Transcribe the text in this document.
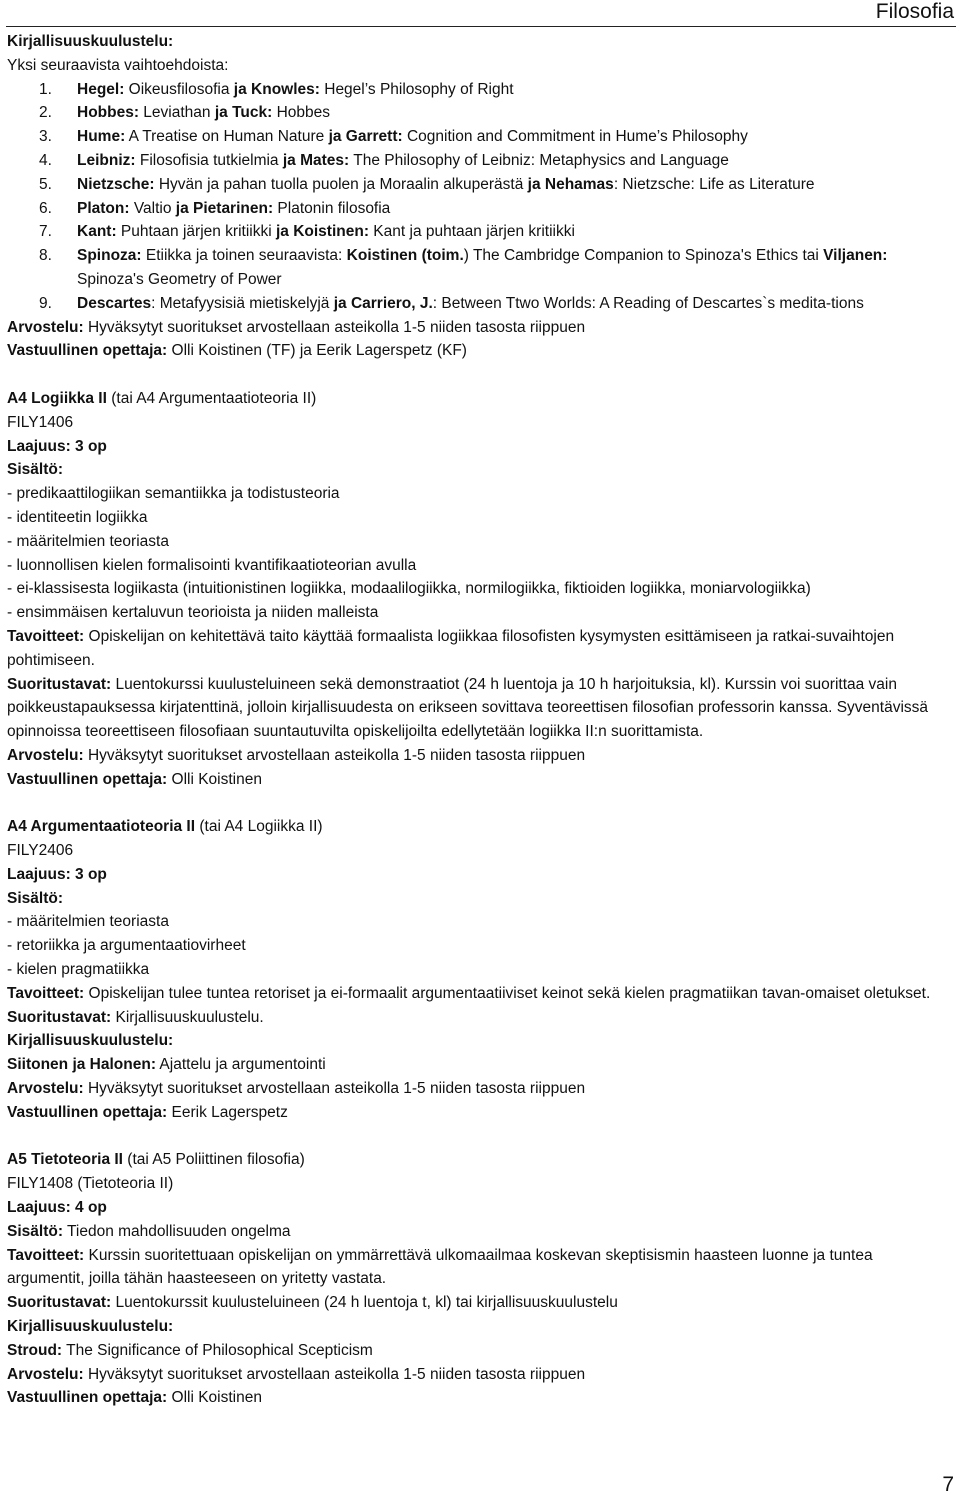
Filosofia

Kirjallisuuskuulustelu:

Yksi seuraavista vaihtoehdoista:

1. Hegel: Oikeusfilosofia ja Knowles: Hegel’s Philosophy of Right
2. Hobbes: Leviathan ja Tuck: Hobbes
3. Hume: A Treatise on Human Nature ja Garrett: Cognition and Commitment in Hume’s Philosophy
4. Leibniz: Filosofisia tutkielmia ja Mates: The Philosophy of Leibniz: Metaphysics and Language
5. Nietzsche: Hyvän ja pahan tuolla puolen ja Moraalin alkuperästä ja Nehamas: Nietzsche: Life as Literature
6. Platon: Valtio ja Pietarinen: Platonin filosofia
7. Kant: Puhtaan järjen kritiikki ja Koistinen: Kant ja puhtaan järjen kritiikki
8. Spinoza: Etiikka ja toinen seuraavista: Koistinen (toim.) The Cambridge Companion to Spinoza's Ethics tai Viljanen: Spinoza's Geometry of Power
9. Descartes: Metafyysisiä mietiskelyjä ja Carriero, J.: Between Ttwo Worlds: A Reading of Descartes`s medita-tions

Arvostelu: Hyväksytyt suoritukset arvostellaan asteikolla 1-5 niiden tasosta riippuen

Vastuullinen opettaja: Olli Koistinen (TF) ja Eerik Lagerspetz (KF)

A4 Logiikka II (tai A4 Argumentaatioteoria II)

FILY1406

Laajuus: 3 op

Sisältö:

- predikaattilogiikan semantiikka ja todistusteoria

- identiteetin logiikka

- määritelmien teoriasta

- luonnollisen kielen formalisointi kvantifikaatioteorian avulla

- ei-klassisesta logiikasta (intuitionistinen logiikka, modaalilogiikka, normilogiikka, fiktioiden logiikka, moniarvologiikka)

- ensimmäisen kertaluvun teorioista ja niiden malleista

Tavoitteet: Opiskelijan on kehitettävä taito käyttää formaalista logiikkaa filosofisten kysymysten esittämiseen ja ratkai-suvaihtojen pohtimiseen.

Suoritustavat: Luentokurssi kuulusteluineen sekä demonstraatiot (24 h luentoja ja 10 h harjoituksia, kl). Kurssin voi suorittaa vain poikkeustapauksessa kirjatenttinä, jolloin kirjallisuudesta on erikseen sovittava teoreettisen filosofian professorin kanssa. Syventävissä opinnoissa teoreettiseen filosofiaan suuntautuvilta opiskelijoilta edellytetään logiikka II:n suorittamista.

Arvostelu: Hyväksytyt suoritukset arvostellaan asteikolla 1-5 niiden tasosta riippuen

Vastuullinen opettaja: Olli Koistinen

A4 Argumentaatioteoria II (tai A4 Logiikka II)

FILY2406

Laajuus: 3 op

Sisältö:

- määritelmien teoriasta

- retoriikka ja argumentaatiovirheet

- kielen pragmatiikka

Tavoitteet: Opiskelijan tulee tuntea retoriset ja ei-formaalit argumentaatiiviset keinot sekä kielen pragmatiikan tavan-omaiset oletukset.

Suoritustavat: Kirjallisuuskuulustelu.

Kirjallisuuskuulustelu:

Siitonen ja Halonen: Ajattelu ja argumentointi

Arvostelu: Hyväksytyt suoritukset arvostellaan asteikolla 1-5 niiden tasosta riippuen

Vastuullinen opettaja: Eerik Lagerspetz

A5 Tietoteoria II (tai A5 Poliittinen filosofia)

FILY1408 (Tietoteoria II)

Laajuus: 4 op

Sisältö: Tiedon mahdollisuuden ongelma

Tavoitteet: Kurssin suoritettuaan opiskelijan on ymmärrettävä ulkomaailmaa koskevan skeptisismin haasteen luonne ja tuntea argumentit, joilla tähän haasteeseen on yritetty vastata.

Suoritustavat: Luentokurssit kuulusteluineen (24 h luentoja t, kl) tai kirjallisuuskuulustelu

Kirjallisuuskuulustelu:

Stroud: The Significance of Philosophical Scepticism

Arvostelu: Hyväksytyt suoritukset arvostellaan asteikolla 1-5 niiden tasosta riippuen

Vastuullinen opettaja: Olli Koistinen

7
